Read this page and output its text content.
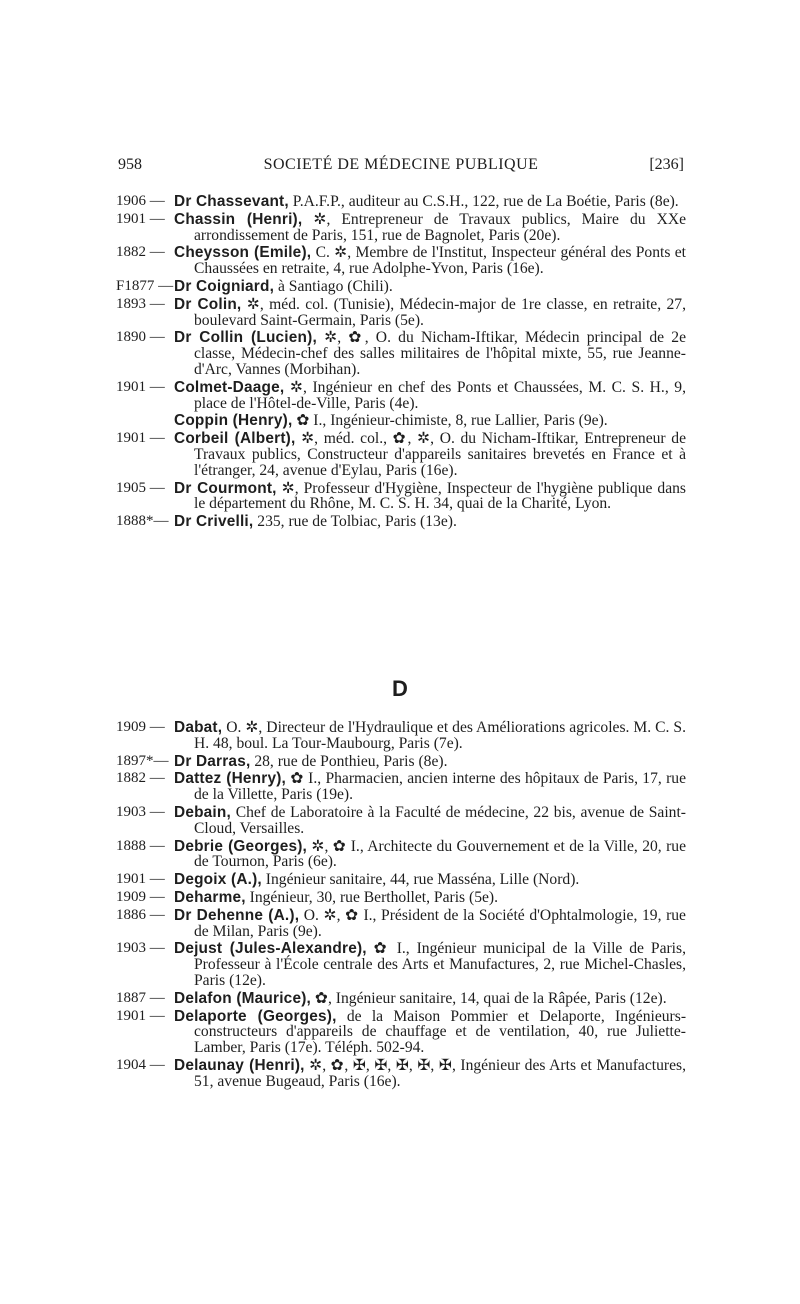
958	SOCIETÉ DE MÉDECINE PUBLIQUE	[236]
1906 — Dr Chassevant, P.A.F.P., auditeur au C.S.H., 122, rue de La Boétie, Paris (8e).
1901 — Chassin (Henri), ✲, Entrepreneur de Travaux publics, Maire du XXe arrondissement de Paris, 151, rue de Bagnolet, Paris (20e).
1882 — Cheysson (Emile), C. ✲, Membre de l'Institut, Inspecteur général des Ponts et Chaussées en retraite, 4, rue Adolphe-Yvon, Paris (16e).
F1877 — Dr Coigniard, à Santiago (Chili).
1893 — Dr Colin, ✲, méd. col. (Tunisie), Médecin-major de 1re classe, en retraite, 27, boulevard Saint-Germain, Paris (5e).
1890 — Dr Collin (Lucien), ✲, ✿, O. du Nicham-Iftikar, Médecin principal de 2e classe, Médecin-chef des salles militaires de l'hôpital mixte, 55, rue Jeanne-d'Arc, Vannes (Morbihan).
1901 — Colmet-Daage, ✲, Ingénieur en chef des Ponts et Chaussées, M. C. S. H., 9, place de l'Hôtel-de-Ville, Paris (4e).
Coppin (Henry), ✿ I., Ingénieur-chimiste, 8, rue Lallier, Paris (9e).
1901 — Corbeil (Albert), ✲, méd. col., ✿, ✲, O. du Nicham-Iftikar, Entrepreneur de Travaux publics, Constructeur d'appareils sanitaires brevetés en France et à l'étranger, 24, avenue d'Eylau, Paris (16e).
1905 — Dr Courmont, ✲, Professeur d'Hygiène, Inspecteur de l'hygiène publique dans le département du Rhône, M. C. S. H. 34, quai de la Charité, Lyon.
1888*— Dr Crivelli, 235, rue de Tolbiac, Paris (13e).
D
1909 — Dabat, O. ✲, Directeur de l'Hydraulique et des Améliorations agricoles. M. C. S. H. 48, boul. La Tour-Maubourg, Paris (7e).
1897*— Dr Darras, 28, rue de Ponthieu, Paris (8e).
1882 — Dattez (Henry), ✿ I., Pharmacien, ancien interne des hôpitaux de Paris, 17, rue de la Villette, Paris (19e).
1903 — Debain, Chef de Laboratoire à la Faculté de médecine, 22 bis, avenue de Saint-Cloud, Versailles.
1888 — Debrie (Georges), ✲, ✿ I., Architecte du Gouvernement et de la Ville, 20, rue de Tournon, Paris (6e).
1901 — Degoix (A.), Ingénieur sanitaire, 44, rue Masséna, Lille (Nord).
1909 — Deharme, Ingénieur, 30, rue Berthollet, Paris (5e).
1886 — Dr Dehenne (A.), O. ✲, ✿ I., Président de la Société d'Ophtalmologie, 19, rue de Milan, Paris (9e).
1903 — Dejust (Jules-Alexandre), ✿ I., Ingénieur municipal de la Ville de Paris, Professeur à l'École centrale des Arts et Manufactures, 2, rue Michel-Chasles, Paris (12e).
1887 — Delafon (Maurice), ✿, Ingénieur sanitaire, 14, quai de la Râpée, Paris (12e).
1901 — Delaporte (Georges), de la Maison Pommier et Delaporte, Ingénieurs-constructeurs d'appareils de chauffage et de ventilation, 40, rue Juliette-Lamber, Paris (17e). Téléph. 502-94.
1904 — Delaunay (Henri), ✲, ✿, ✠, ✠, ✠, ✠, ✠, Ingénieur des Arts et Manufactures, 51, avenue Bugeaud, Paris (16e).
